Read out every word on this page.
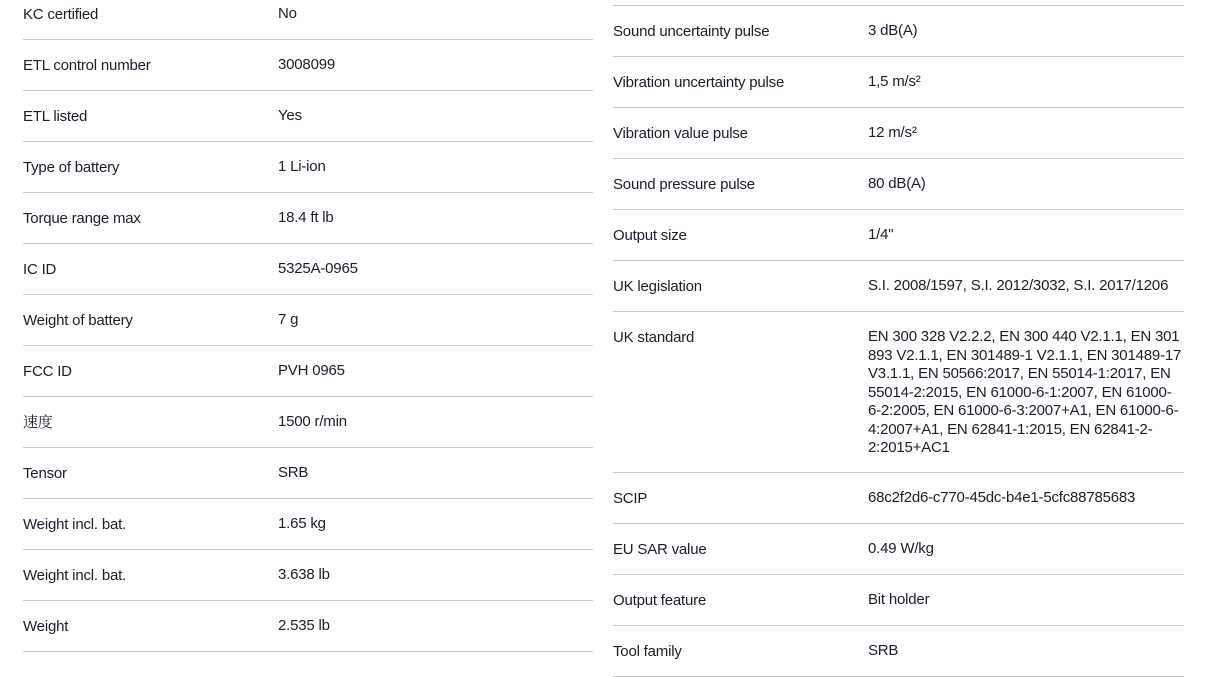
KC certified	No
ETL control number	3008099
ETL listed	Yes
Type of battery	1 Li-ion
Torque range max	18.4 ft lb
IC ID	5325A-0965
Weight of battery	7 g
FCC ID	PVH 0965
速度	1500 r/min
Tensor	SRB
Weight incl. bat.	1.65 kg
Weight incl. bat.	3.638 lb
Weight	2.535 lb
Sound uncertainty pulse	3 dB(A)
Vibration uncertainty pulse	1,5 m/s²
Vibration value pulse	12 m/s²
Sound pressure pulse	80 dB(A)
Output size	1/4"
UK legislation	S.I. 2008/1597, S.I. 2012/3032, S.I. 2017/1206
UK standard	EN 300 328 V2.2.2, EN 300 440 V2.1.1, EN 301 893 V2.1.1, EN 301489-1 V2.1.1, EN 301489-17 V3.1.1, EN 50566:2017, EN 55014-1:2017, EN 55014-2:2015, EN 61000-6-1:2007, EN 61000-6-2:2005, EN 61000-6-3:2007+A1, EN 61000-6-4:2007+A1, EN 62841-1:2015, EN 62841-2-2:2015+AC1
SCIP	68c2f2d6-c770-45dc-b4e1-5cfc88785683
EU SAR value	0.49 W/kg
Output feature	Bit holder
Tool family	SRB
